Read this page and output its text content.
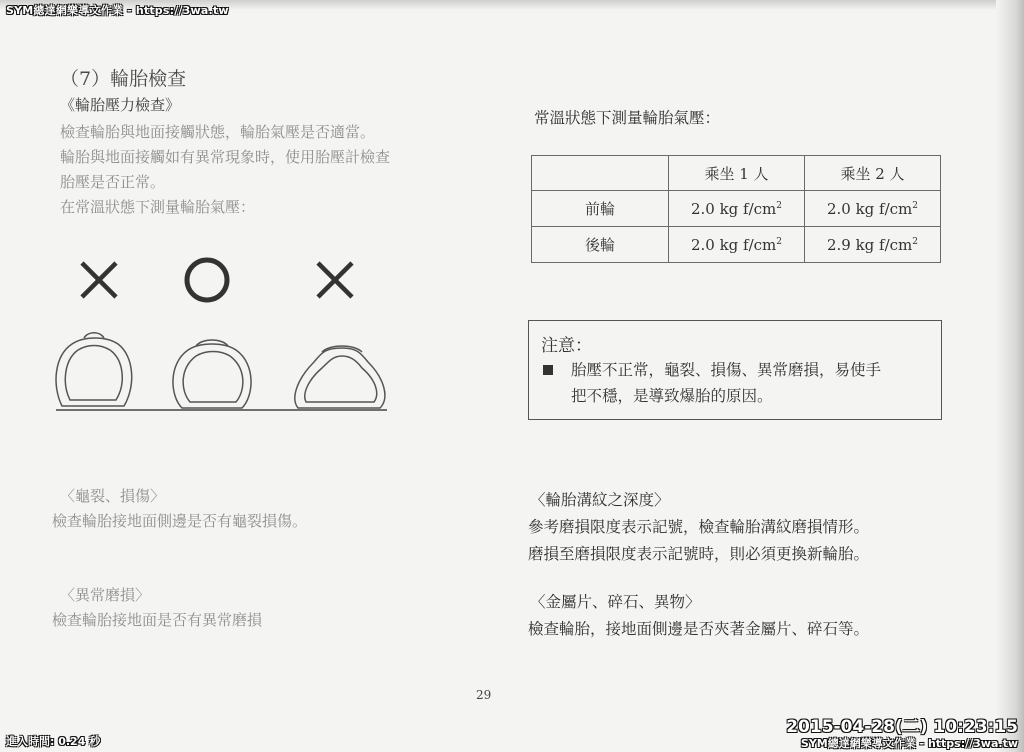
SYM總達網樂導文作業 - https://3wa.tw
（7）輪胎檢查
《輪胎壓力檢查》
檢查輪胎與地面接觸狀態，輪胎氣壓是否適當。
輪胎與地面接觸如有異常現象時，使用胎壓計檢查
胎壓是否正常。
在常溫狀態下測量輪胎氣壓：
〈龜裂、損傷〉
檢查輪胎接地面側邊是否有龜裂損傷。
〈異常磨損〉
檢查輪胎接地面是否有異常磨損
常溫狀態下測量輪胎氣壓：
	乘坐 1 人	乘坐 2 人
前輪	2.0 kg $f/cm^2$	2.0 kg $f/cm^2$
後輪	2.0 kg $f/cm^2$	2.9 kg $f/cm^2$
注意：
胎壓不正常，龜裂、損傷、異常磨損，易使手
把不穩，是導致爆胎的原因。
〈輪胎溝紋之深度〉
參考磨損限度表示記號，檢查輪胎溝紋磨損情形。
磨損至磨損限度表示記號時，則必須更換新輪胎。
〈金屬片、碎石、異物〉
檢查輪胎，接地面側邊是否夾著金屬片、碎石等。
29
進入時間: 0.24 秒
2015-04-28(二) 10:23:15
SYM總達網樂導文作業 - https://3wa.tw
